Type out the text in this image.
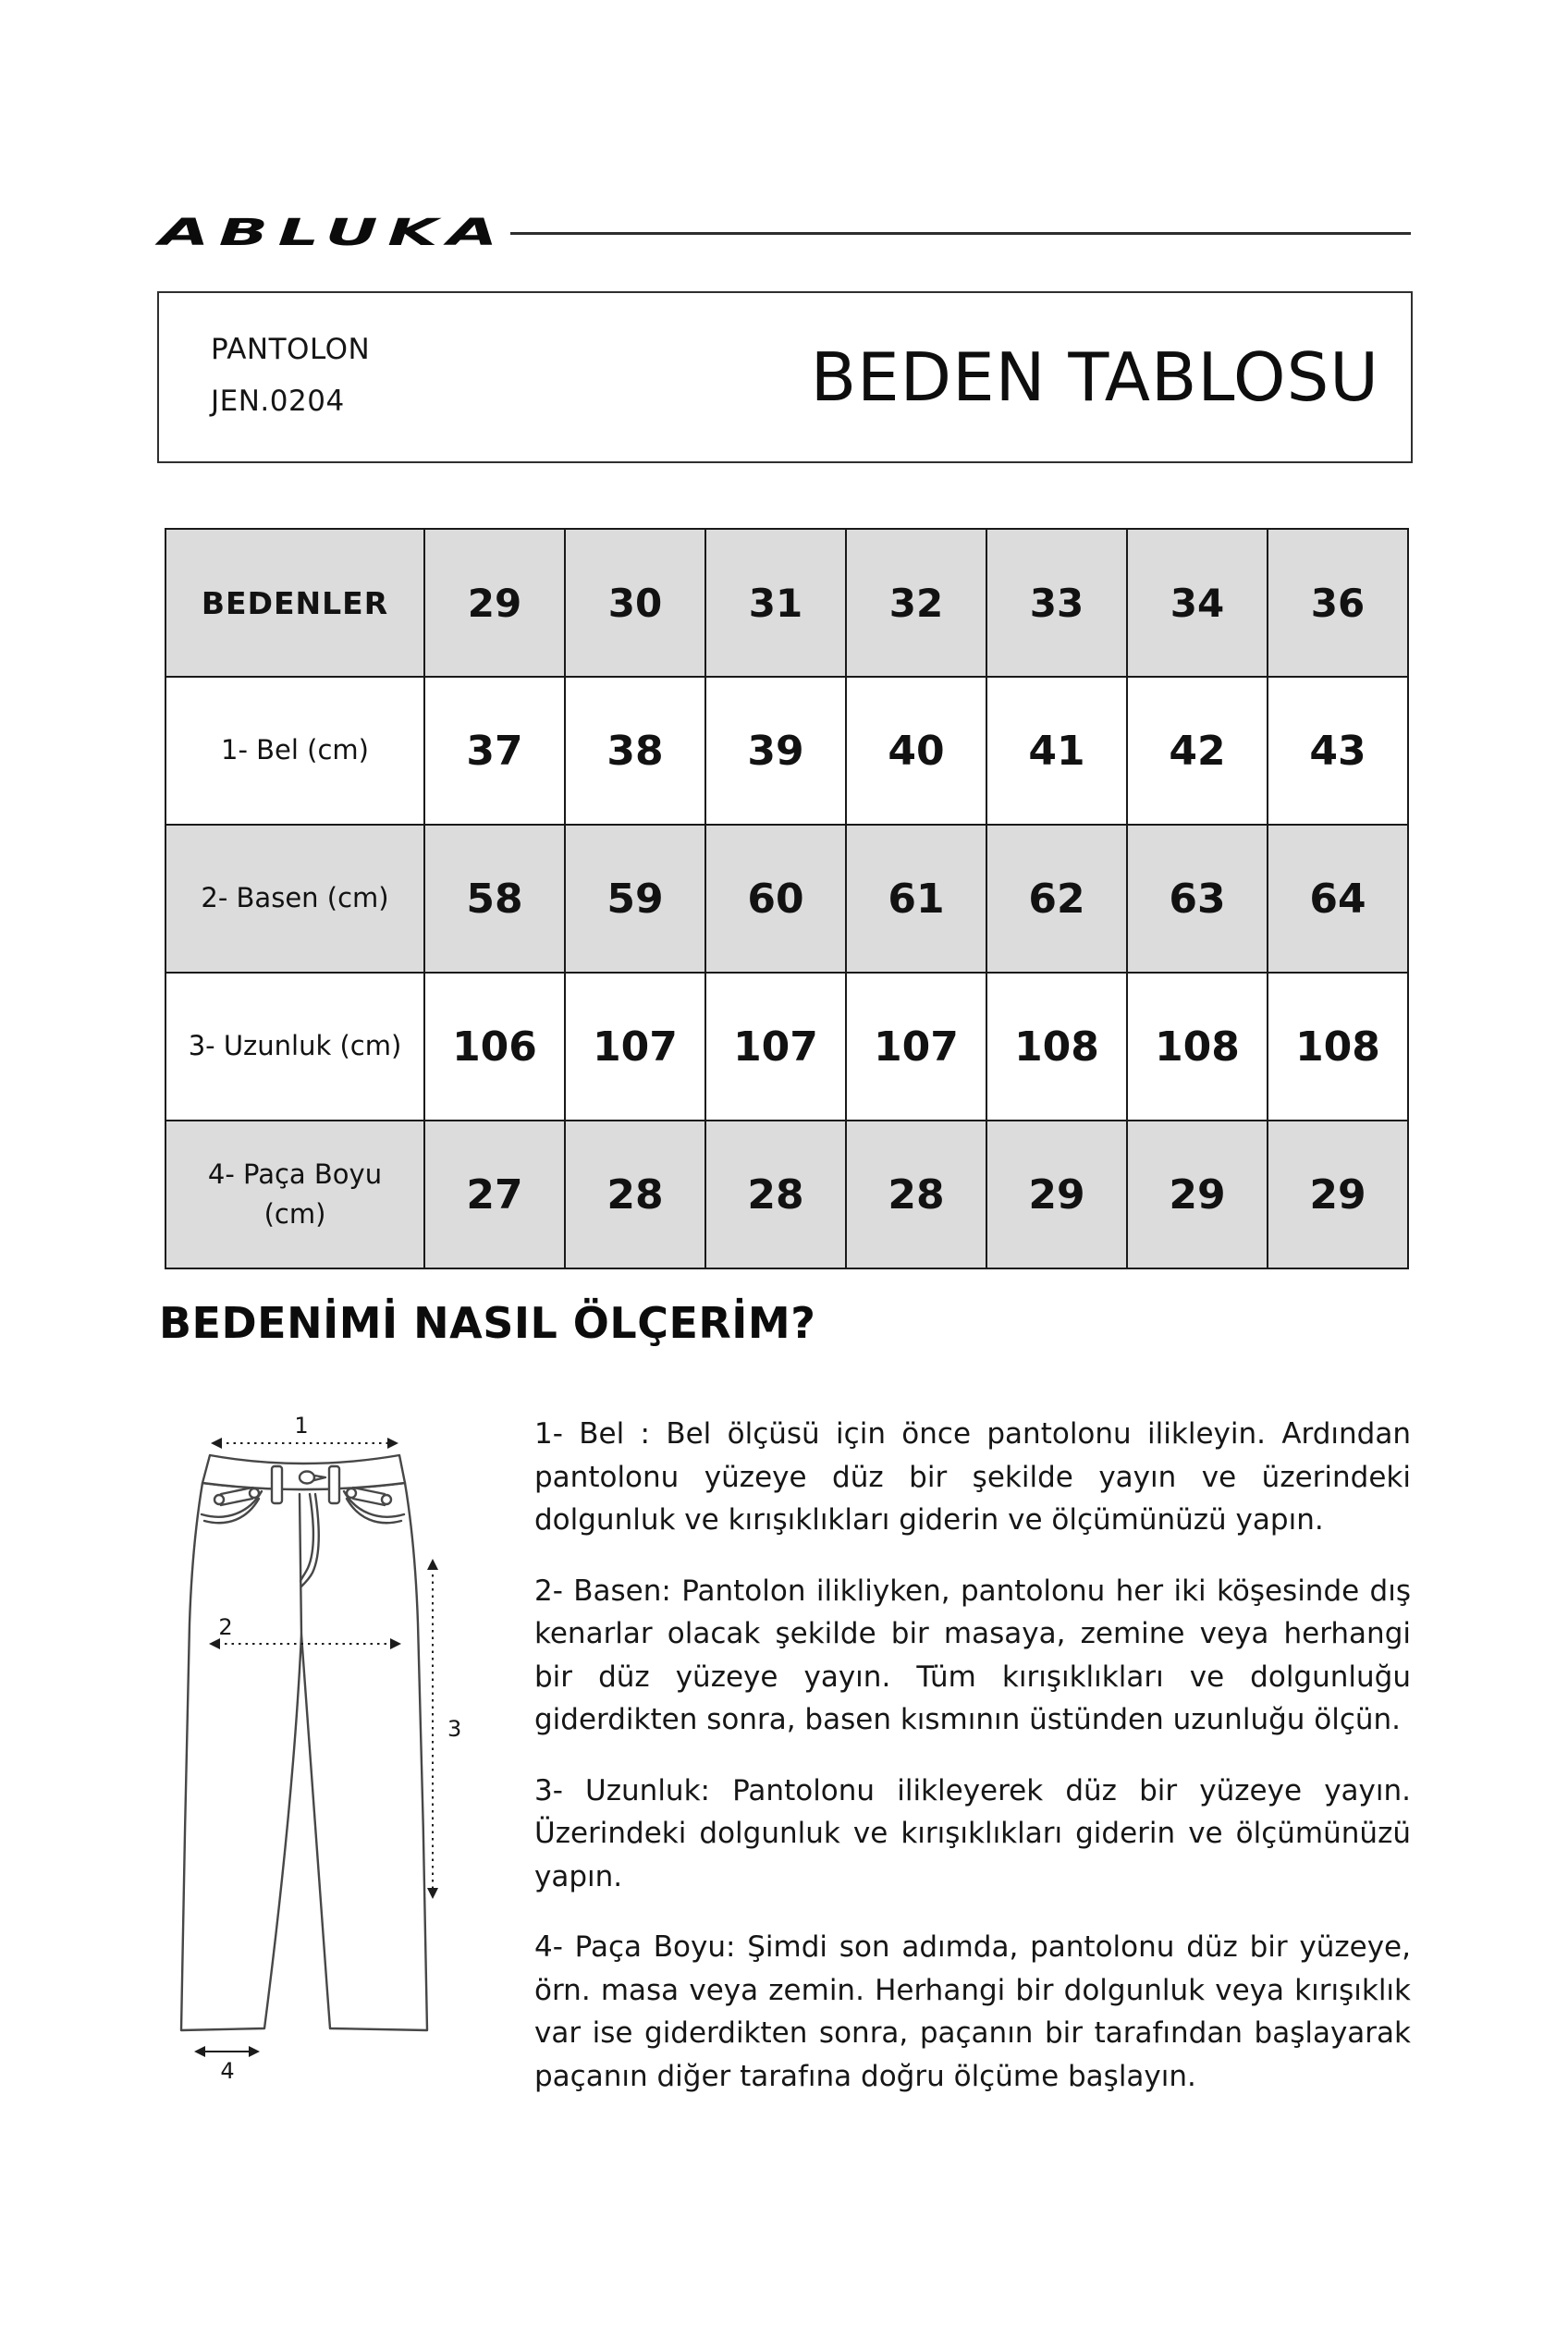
ABLUKA
PANTOLON
JEN.0204	BEDEN TABLOSU
BEDENLER	29	30	31	32	33	34	36
1- Bel (cm)	37	38	39	40	41	42	43
2- Basen (cm)	58	59	60	61	62	63	64
3- Uzunluk (cm)	106	107	107	107	108	108	108
4- Paça Boyu (cm)	27	28	28	28	29	29	29
BEDENİMİ NASIL ÖLÇERİM?
1
2
3
4

1- Bel : Bel ölçüsü için önce pantolonu ilikleyin. Ardından pantolonu yüzeye düz bir şekilde yayın ve üzerindeki dolgunluk ve kırışıklıkları giderin ve ölçümünüzü yapın.

2- Basen: Pantolon ilikliyken, pantolonu her iki köşesinde dış kenarlar olacak şekilde bir masaya, zemine veya herhangi bir düz yüzeye yayın. Tüm kırışıklıkları ve dolgunluğu giderdikten sonra, basen kısmının üstünden uzunluğu ölçün.

3- Uzunluk: Pantolonu ilikleyerek düz bir yüzeye yayın. Üzerindeki dolgunluk ve kırışıklıkları giderin ve ölçümünüzü yapın.

4- Paça Boyu: Şimdi son adımda, pantolonu düz bir yüzeye, örn. masa veya zemin. Herhangi bir dolgunluk veya kırışıklık var ise giderdikten sonra, paçanın bir tarafından başlayarak paçanın diğer tarafına doğru ölçüme başlayın.
